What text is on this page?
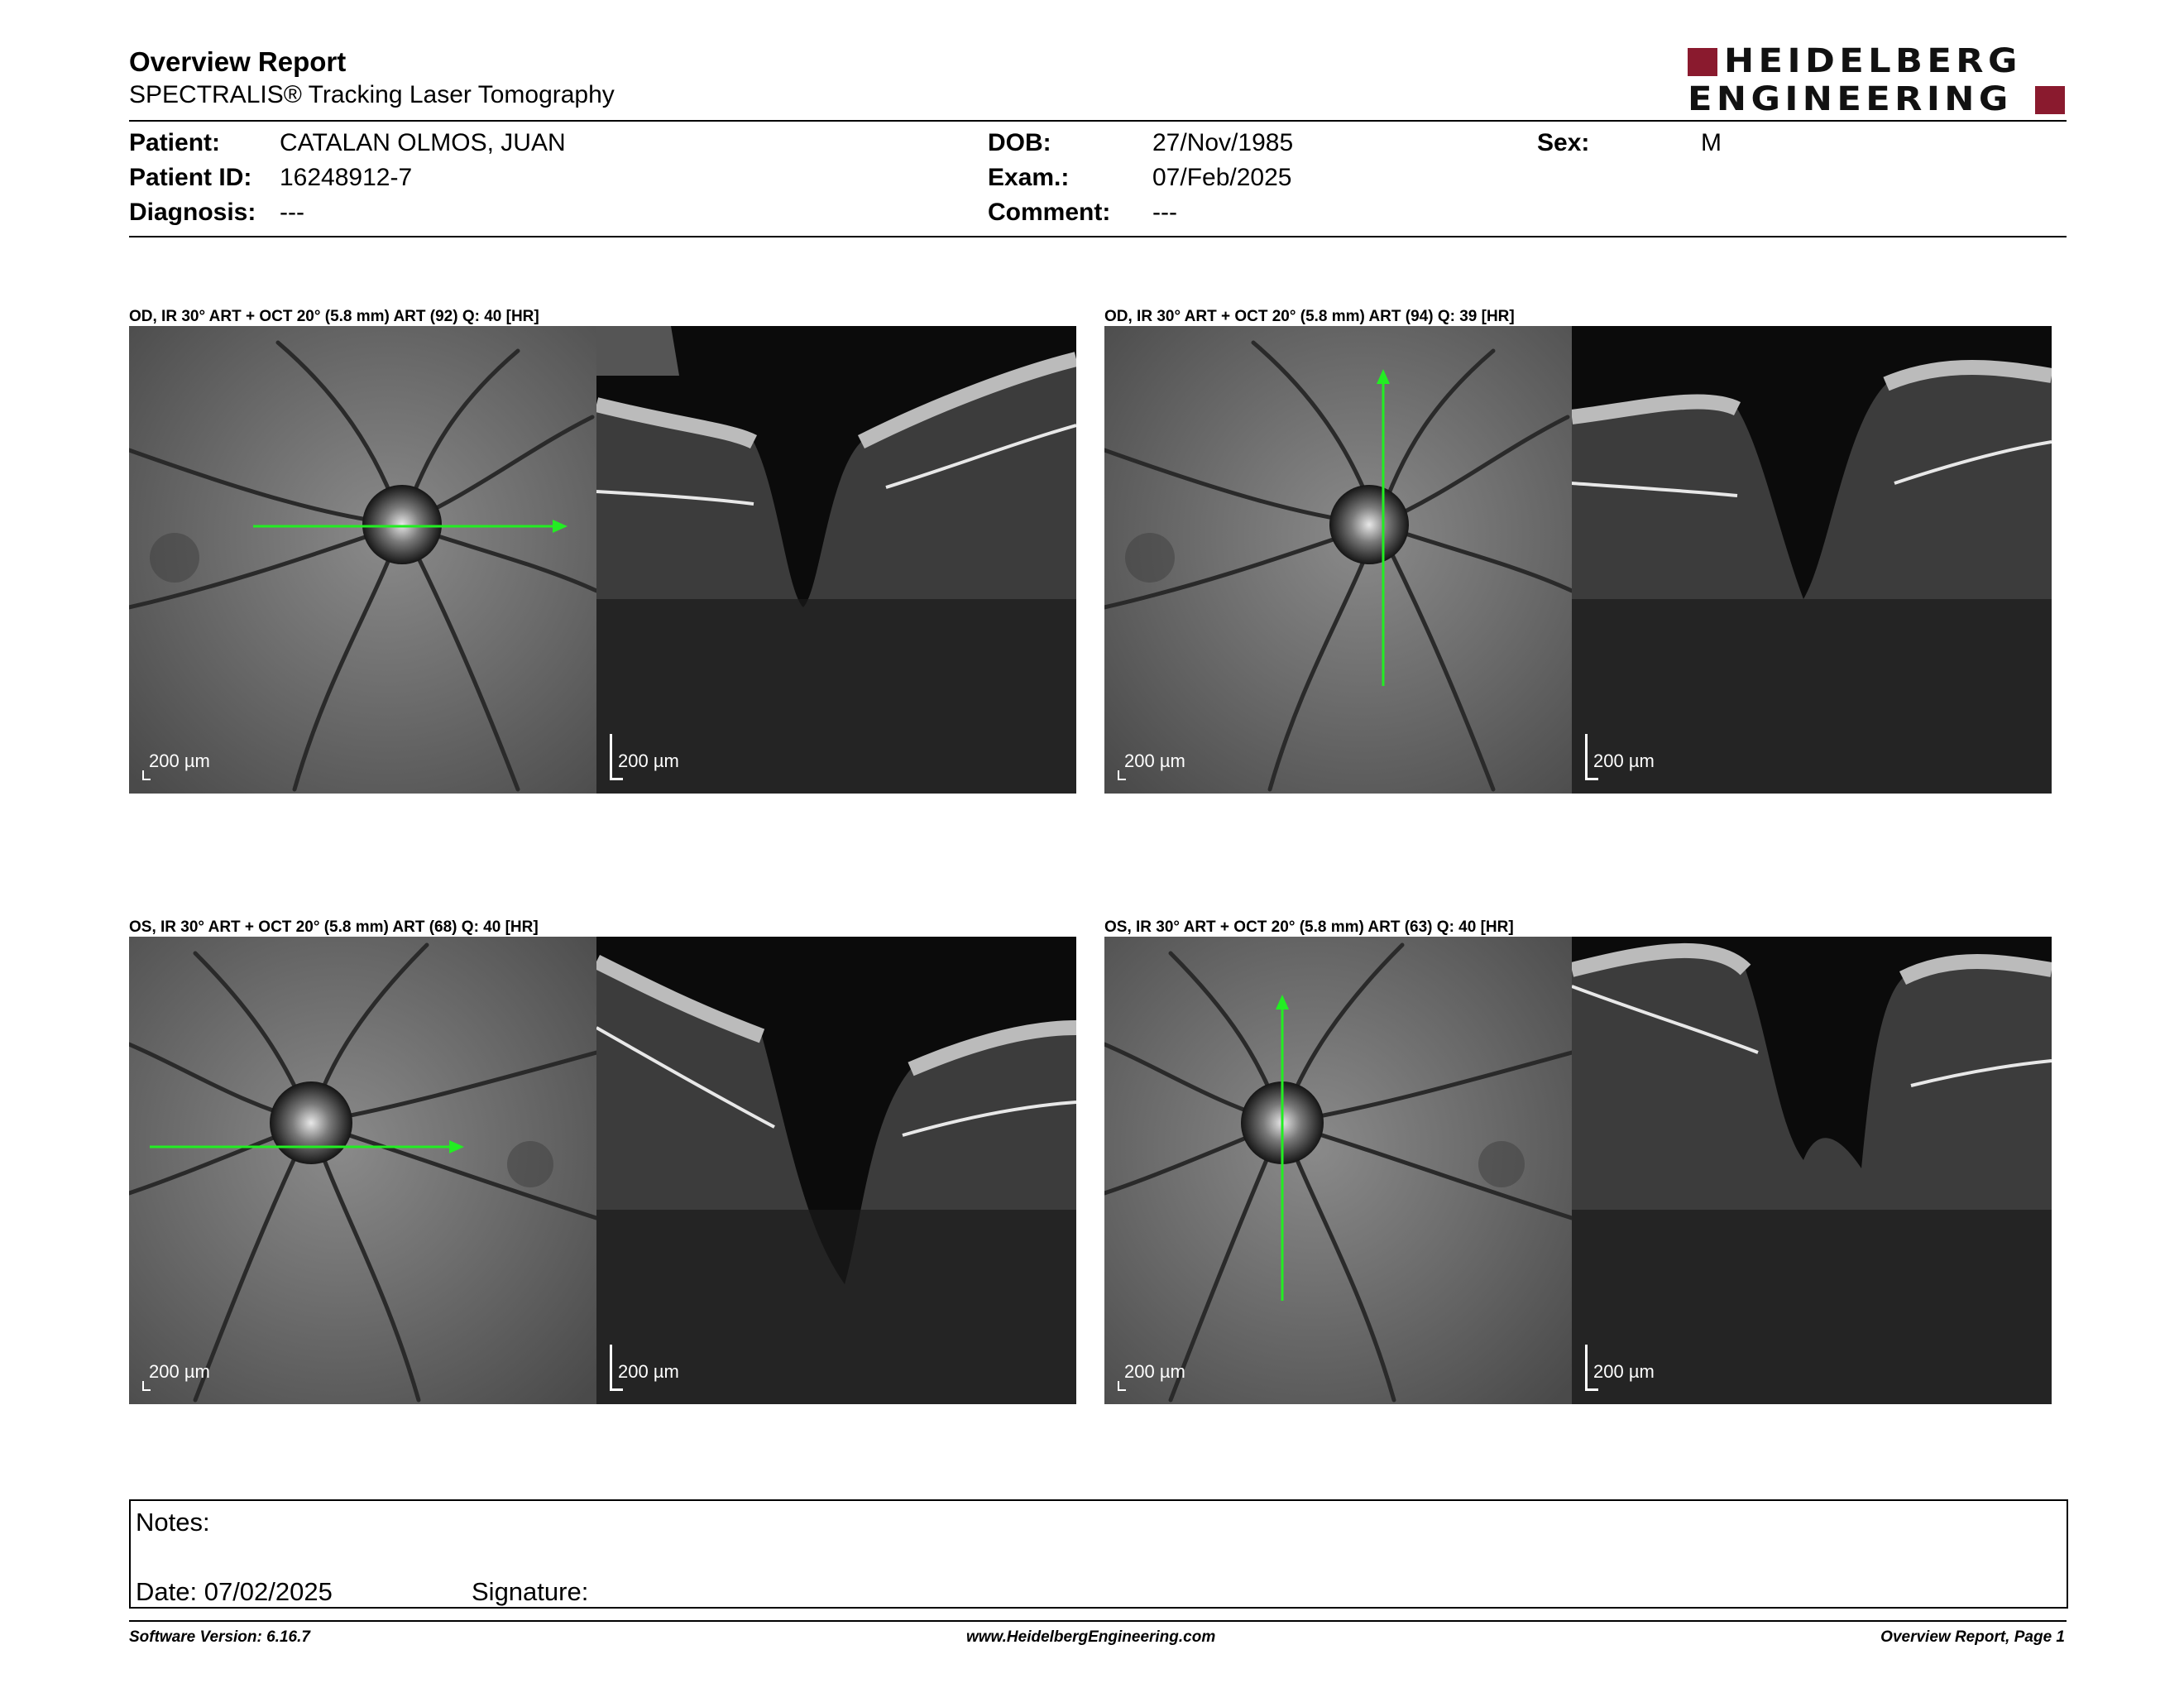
Overview Report
SPECTRALIS® Tracking Laser Tomography
HEIDELBERG
ENGINEERING
Patient: CATALAN OLMOS, JUAN
Patient ID: 16248912-7
Diagnosis: ---
DOB:	27/Nov/1985
Exam.:	07/Feb/2025
Comment: ---
Sex:	M
OD, IR 30° ART + OCT 20° (5.8 mm) ART (92) Q: 40 [HR]	OD, IR 30° ART + OCT 20° (5.8 mm) ART (94) Q: 39 [HR]
OS, IR 30° ART + OCT 20° (5.8 mm) ART (68) Q: 40 [HR]	OS, IR 30° ART + OCT 20° (5.8 mm) ART (63) Q: 40 [HR]
200 µm	200 µm	200 µm	200 µm
200 µm	200 µm	200 µm	200 µm
Notes:
Date: 07/02/2025	Signature:
Software Version: 6.16.7	www.HeidelbergEngineering.com	Overview Report, Page 1
